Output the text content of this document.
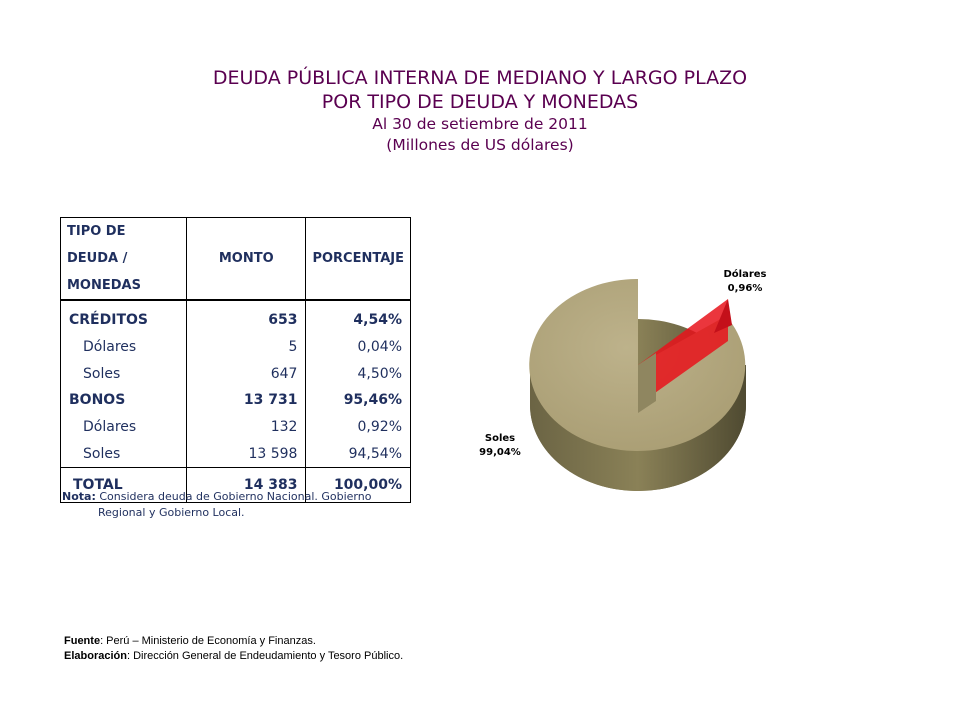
DEUDA PÚBLICA INTERNA DE MEDIANO Y LARGO PLAZO
POR TIPO DE DEUDA Y MONEDAS
Al 30 de setiembre de 2011
(Millones de US dólares)
TIPO DE DEUDA /
MONEDAS	MONTO	PORCENTAJE
CRÉDITOS	653	4,54%
Dólares	5	0,04%
Soles	647	4,50%
BONOS	13 731	95,46%
Dólares	132	0,92%
Soles	13 598	94,54%
TOTAL	14 383	100,00%
Nota: Considera deuda de Gobierno Nacional. Gobierno
Regional y Gobierno Local.
Dólares
0,96%
Soles
99,04%
Fuente: Perú – Ministerio de Economía y Finanzas.
Elaboración: Dirección General de Endeudamiento y Tesoro Público.
